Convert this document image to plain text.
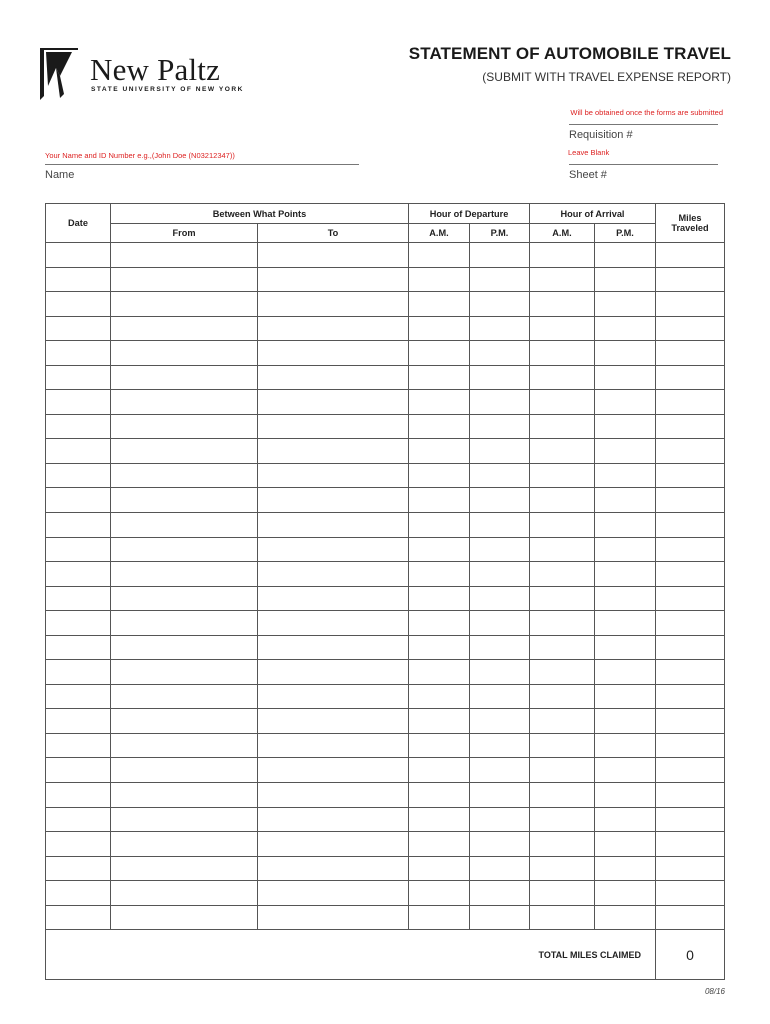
New Paltz
STATE UNIVERSITY OF NEW YORK
STATEMENT OF AUTOMOBILE TRAVEL
(SUBMIT WITH TRAVEL EXPENSE REPORT)
Will be obtained once the forms are submitted
Requisition #
Your Name and ID Number e.g.,(John Doe (N03212347))
Name
Leave Blank
Sheet #
Date	Between What Points		Hour of Departure		Hour of Arrival		Miles
Traveled
	From	To	A.M.	P.M.	A.M.	P.M.	

TOTAL MILES CLAIMED							0
08/16
